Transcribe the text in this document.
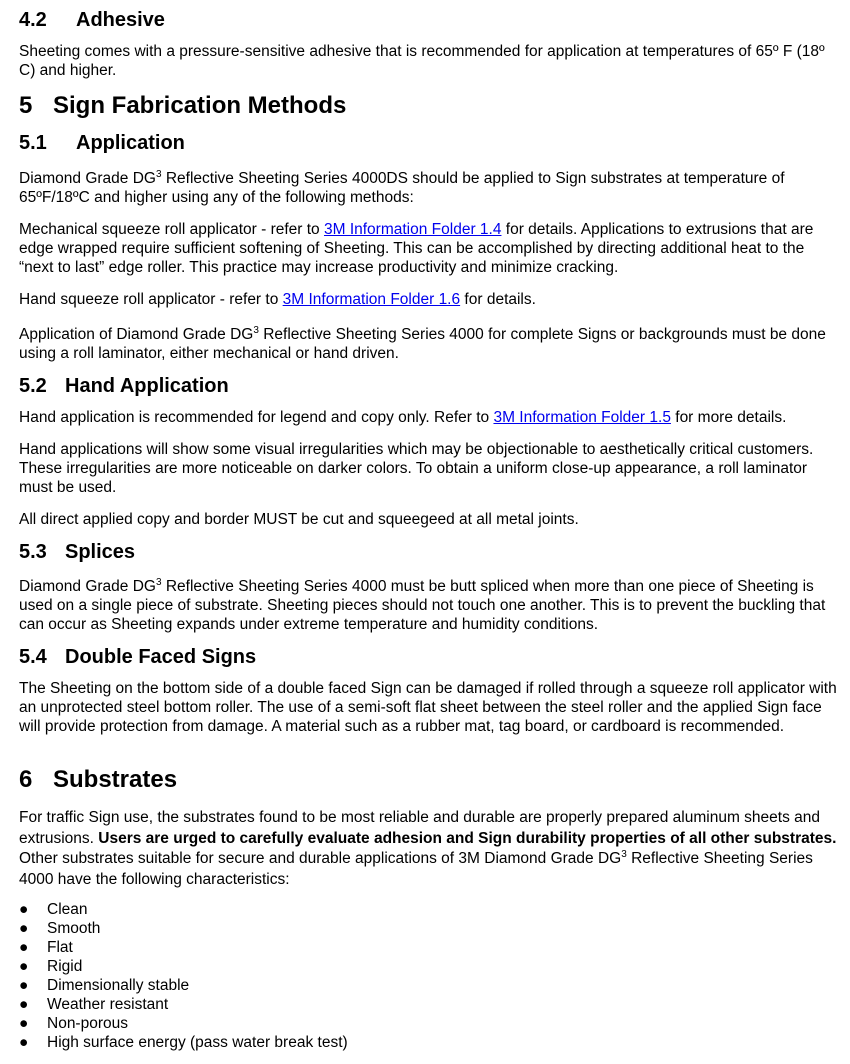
4.2 Adhesive
Sheeting comes with a pressure-sensitive adhesive that is recommended for application at temperatures of 65º F (18º C) and higher.
5 Sign Fabrication Methods
5.1 Application
Diamond Grade $DG^3$ Reflective Sheeting Series 4000DS should be applied to Sign substrates at temperature of 65ºF/18ºC and higher using any of the following methods:
Mechanical squeeze roll applicator - refer to 3M Information Folder 1.4 for details. Applications to extrusions that are edge wrapped require sufficient softening of Sheeting. This can be accomplished by directing additional heat to the “next to last” edge roller. This practice may increase productivity and minimize cracking.
Hand squeeze roll applicator - refer to 3M Information Folder 1.6 for details.
Application of Diamond Grade $DG^3$ Reflective Sheeting Series 4000 for complete Signs or backgrounds must be done using a roll laminator, either mechanical or hand driven.
5.2 Hand Application
Hand application is recommended for legend and copy only. Refer to 3M Information Folder 1.5 for more details.
Hand applications will show some visual irregularities which may be objectionable to aesthetically critical customers. These irregularities are more noticeable on darker colors. To obtain a uniform close-up appearance, a roll laminator must be used.
All direct applied copy and border MUST be cut and squeegeed at all metal joints.
5.3 Splices
Diamond Grade $DG^3$ Reflective Sheeting Series 4000 must be butt spliced when more than one piece of Sheeting is used on a single piece of substrate. Sheeting pieces should not touch one another. This is to prevent the buckling that can occur as Sheeting expands under extreme temperature and humidity conditions.
5.4 Double Faced Signs
The Sheeting on the bottom side of a double faced Sign can be damaged if rolled through a squeeze roll applicator with an unprotected steel bottom roller. The use of a semi-soft flat sheet between the steel roller and the applied Sign face will provide protection from damage. A material such as a rubber mat, tag board, or cardboard is recommended.
6 Substrates
For traffic Sign use, the substrates found to be most reliable and durable are properly prepared aluminum sheets and extrusions. Users are urged to carefully evaluate adhesion and Sign durability properties of all other substrates. Other substrates suitable for secure and durable applications of 3M Diamond Grade $DG^3$ Reflective Sheeting Series 4000 have the following characteristics:
● Clean
● Smooth
● Flat
● Rigid
● Dimensionally stable
● Weather resistant
● Non-porous
● High surface energy (pass water break test)
